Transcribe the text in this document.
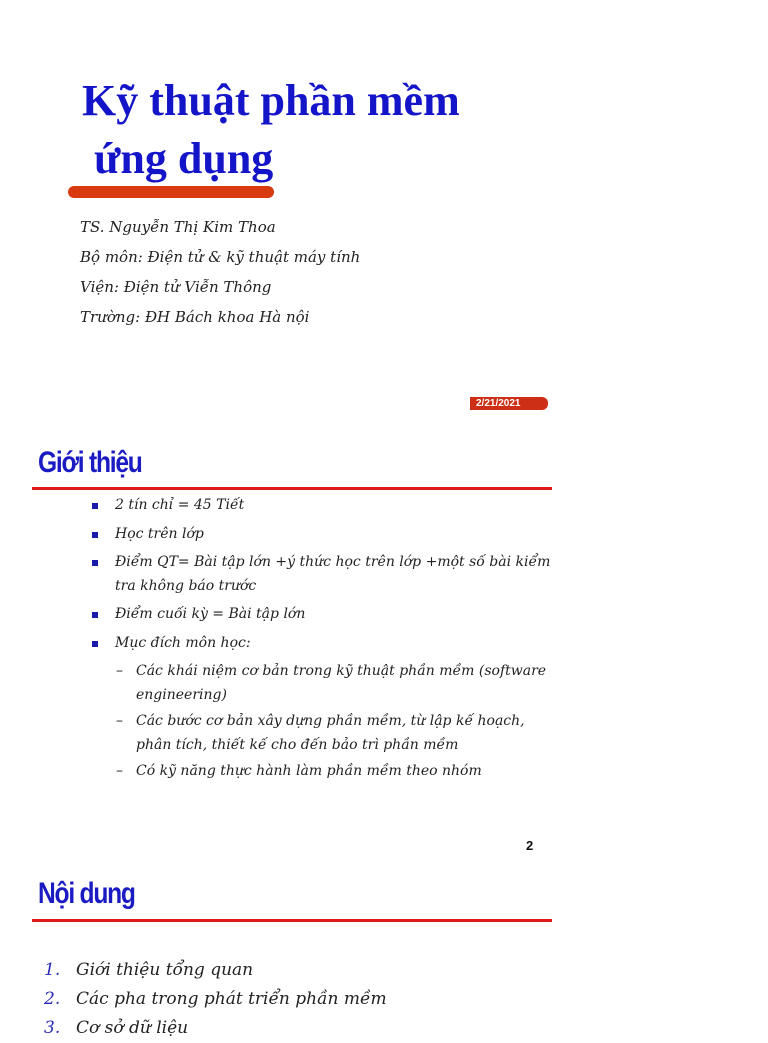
Kỹ thuật phần mềm
ứng dụng
TS. Nguyễn Thị Kim Thoa
Bộ môn: Điện tử & kỹ thuật máy tính
Viện: Điện tử Viễn Thông
Trường: ĐH Bách khoa Hà nội
2/21/2021
Giới thiệu
2 tín chỉ = 45 Tiết
Học trên lớp
Điểm QT= Bài tập lớn +ý thức học trên lớp +một số bài kiểm tra không báo trước
Điểm cuối kỳ = Bài tập lớn
Mục đích môn học:
– Các khái niệm cơ bản trong kỹ thuật phần mềm (software engineering)
– Các bước cơ bản xây dựng phần mềm, từ lập kế hoạch, phân tích, thiết kế cho đến bảo trì phần mềm
– Có kỹ năng thực hành làm phần mềm theo nhóm
2
Nội dung
1. Giới thiệu tổng quan
2. Các pha trong phát triển phần mềm
3. Cơ sở dữ liệu
